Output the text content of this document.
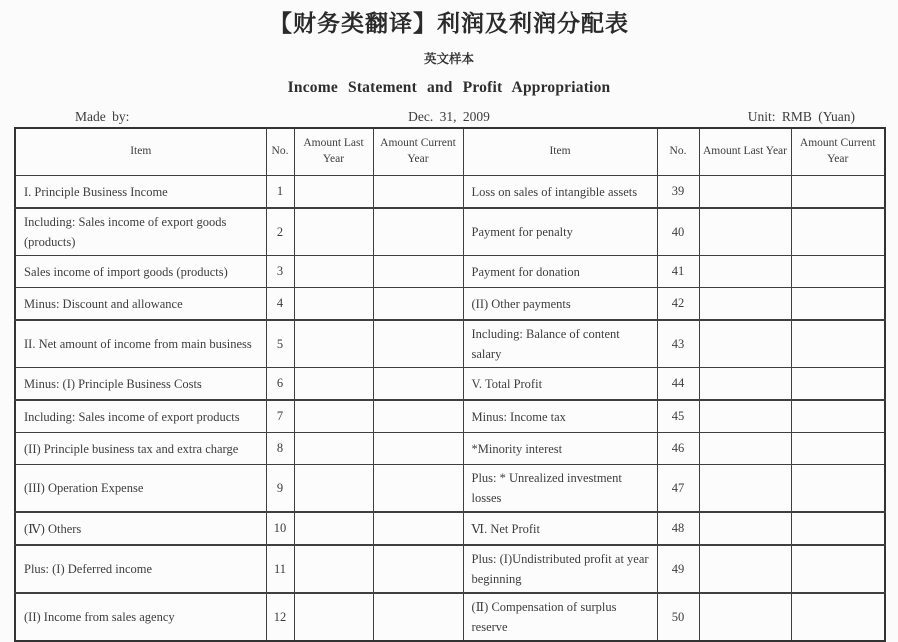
【财务类翻译】利润及利润分配表
英文样本
Income Statement and Profit Appropriation
Made by:	Dec. 31, 2009	Unit: RMB (Yuan)
Item	No.	Amount Last Year	Amount Current Year	Item	No.	Amount Last Year	Amount Current Year
I. Principle Business Income	1			Loss on sales of intangible assets	39		
Including: Sales income of export goods (products)	2			Payment for penalty	40		
Sales income of import goods (products)	3			Payment for donation	41		
Minus: Discount and allowance	4			(II) Other payments	42		
II. Net amount of income from main business	5			Including: Balance of content salary	43		
Minus: (I) Principle Business Costs	6			V. Total Profit	44		
Including: Sales income of export products	7			Minus: Income tax	45		
(II) Principle business tax and extra charge	8			*Minority interest	46		
(III) Operation Expense	9			Plus: * Unrealized investment losses	47		
(Ⅳ) Others	10			Ⅵ. Net Profit	48		
Plus: (I) Deferred income	11			Plus: (I)Undistributed profit at year beginning	49		
(II) Income from sales agency	12			(Ⅱ) Compensation of surplus reserve	50		
